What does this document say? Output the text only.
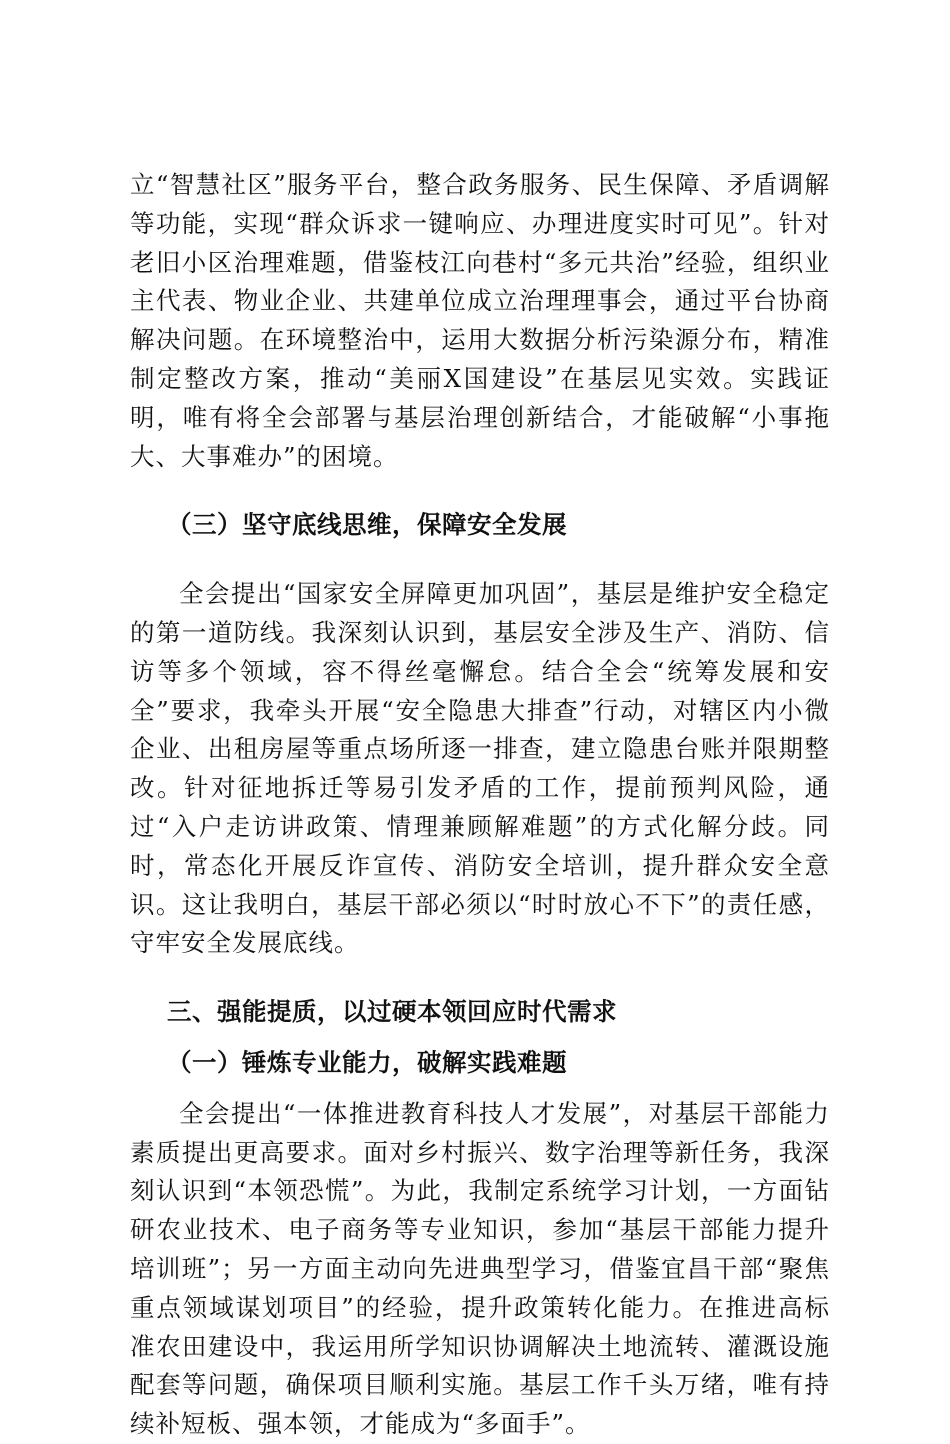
立“智慧社区”服务平台，整合政务服务、民生保障、矛盾调解等功能，实现“群众诉求一键响应、办理进度实时可见”。针对老旧小区治理难题，借鉴枝江向巷村“多元共治”经验，组织业主代表、物业企业、共建单位成立治理理事会，通过平台协商解决问题。在环境整治中，运用大数据分析污染源分布，精准制定整改方案，推动“美丽X国建设”在基层见实效。实践证明，唯有将全会部署与基层治理创新结合，才能破解“小事拖大、大事难办”的困境。

（三）坚守底线思维，保障安全发展

全会提出“国家安全屏障更加巩固”，基层是维护安全稳定的第一道防线。我深刻认识到，基层安全涉及生产、消防、信访等多个领域，容不得丝毫懈怠。结合全会“统筹发展和安全”要求，我牵头开展“安全隐患大排查”行动，对辖区内小微企业、出租房屋等重点场所逐一排查，建立隐患台账并限期整改。针对征地拆迁等易引发矛盾的工作，提前预判风险，通过“入户走访讲政策、情理兼顾解难题”的方式化解分歧。同时，常态化开展反诈宣传、消防安全培训，提升群众安全意识。这让我明白，基层干部必须以“时时放心不下”的责任感，守牢安全发展底线。

三、强能提质，以过硬本领回应时代需求

（一）锤炼专业能力，破解实践难题

全会提出“一体推进教育科技人才发展”，对基层干部能力素质提出更高要求。面对乡村振兴、数字治理等新任务，我深刻认识到“本领恐慌”。为此，我制定系统学习计划，一方面钻研农业技术、电子商务等专业知识，参加“基层干部能力提升培训班”；另一方面主动向先进典型学习，借鉴宜昌干部“聚焦重点领域谋划项目”的经验，提升政策转化能力。在推进高标准农田建设中，我运用所学知识协调解决土地流转、灌溉设施配套等问题，确保项目顺利实施。基层工作千头万绪，唯有持续补短板、强本领，才能成为“多面手”。
